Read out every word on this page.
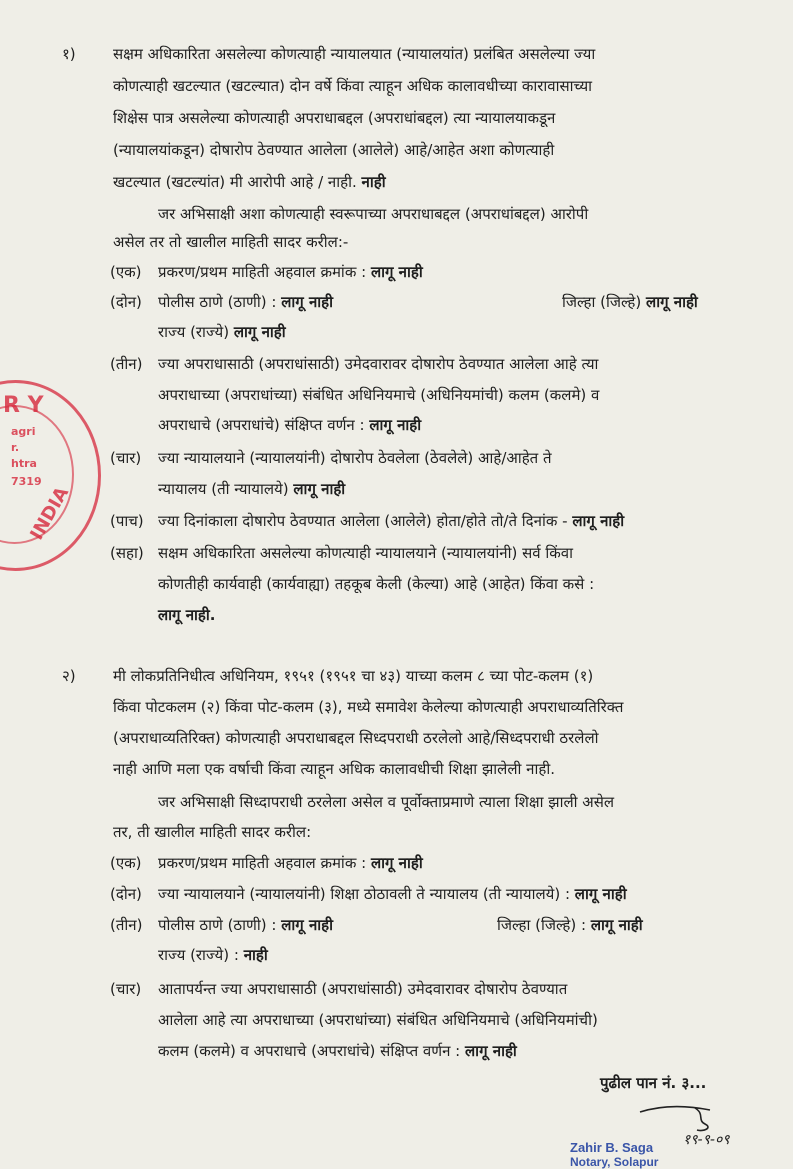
R Y
INDIA
agri
r.
htra
7319
१) सक्षम अधिकारिता असलेल्या कोणत्याही न्यायालयात (न्यायालयांत) प्रलंबित असलेल्या ज्या
कोणत्याही खटल्यात (खटल्यात) दोन वर्षे किंवा त्याहून अधिक कालावधीच्या कारावासाच्या
शिक्षेस पात्र असलेल्या कोणत्याही अपराधाबद्दल (अपराधांबद्दल) त्या न्यायालयाकडून
(न्यायालयांकडून) दोषारोप ठेवण्यात आलेला (आलेले) आहे/आहेत अशा कोणत्याही
खटल्यात (खटल्यांत) मी आरोपी आहे / नाही. नाही
जर अभिसाक्षी अशा कोणत्याही स्वरूपाच्या अपराधाबद्दल (अपराधांबद्दल) आरोपी
असेल तर तो खालील माहिती सादर करील:-
(एक) प्रकरण/प्रथम माहिती अहवाल क्रमांक : लागू नाही
(दोन) पोलीस ठाणे (ठाणी) : लागू नाही	जिल्हा (जिल्हे) लागू नाही
राज्य (राज्ये) लागू नाही
(तीन) ज्या अपराधासाठी (अपराधांसाठी) उमेदवारावर दोषारोप ठेवण्यात आलेला आहे त्या
अपराधाच्या (अपराधांच्या) संबंधित अधिनियमाचे (अधिनियमांची) कलम (कलमे) व
अपराधाचे (अपराधांचे) संक्षिप्त वर्णन : लागू नाही
(चार) ज्या न्यायालयाने (न्यायालयांनी) दोषारोप ठेवलेला (ठेवलेले) आहे/आहेत ते
न्यायालय (ती न्यायालये) लागू नाही
(पाच) ज्या दिनांकाला दोषारोप ठेवण्यात आलेला (आलेले) होता/होते तो/ते दिनांक - लागू नाही
(सहा) सक्षम अधिकारिता असलेल्या कोणत्याही न्यायालयाने (न्यायालयांनी) सर्व किंवा
कोणतीही कार्यवाही (कार्यवाह्या) तहकूब केली (केल्या) आहे (आहेत) किंवा कसे :
लागू नाही.
२) मी लोकप्रतिनिधीत्व अधिनियम, १९५१ (१९५१ चा ४३) याच्या कलम ८ च्या पोट-कलम (१)
किंवा पोटकलम (२) किंवा पोट-कलम (३), मध्ये समावेश केलेल्या कोणत्याही अपराधाव्यतिरिक्त
(अपराधाव्यतिरिक्त) कोणत्याही अपराधाबद्दल सिध्दपराधी ठरलेलो आहे/सिध्दपराधी ठरलेलो
नाही आणि मला एक वर्षाची किंवा त्याहून अधिक कालावधीची शिक्षा झालेली नाही.
जर अभिसाक्षी सिध्दापराधी ठरलेला असेल व पूर्वोक्ताप्रमाणे त्याला शिक्षा झाली असेल
तर, ती खालील माहिती सादर करील:
(एक) प्रकरण/प्रथम माहिती अहवाल क्रमांक : लागू नाही
(दोन) ज्या न्यायालयाने (न्यायालयांनी) शिक्षा ठोठावली ते न्यायालय (ती न्यायालये) : लागू नाही
(तीन) पोलीस ठाणे (ठाणी) : लागू नाही	जिल्हा (जिल्हे) : लागू नाही
राज्य (राज्ये) : नाही
(चार) आतापर्यन्त ज्या अपराधासाठी (अपराधांसाठी) उमेदवारावर दोषारोप ठेवण्यात
आलेला आहे त्या अपराधाच्या (अपराधांच्या) संबंधित अधिनियमाचे (अधिनियमांची)
कलम (कलमे) व अपराधाचे (अपराधांचे) संक्षिप्त वर्णन : लागू नाही
पुढील पान नं. ३...
१९-९-०९
Zahir B. Saga
Notary, Solapur
